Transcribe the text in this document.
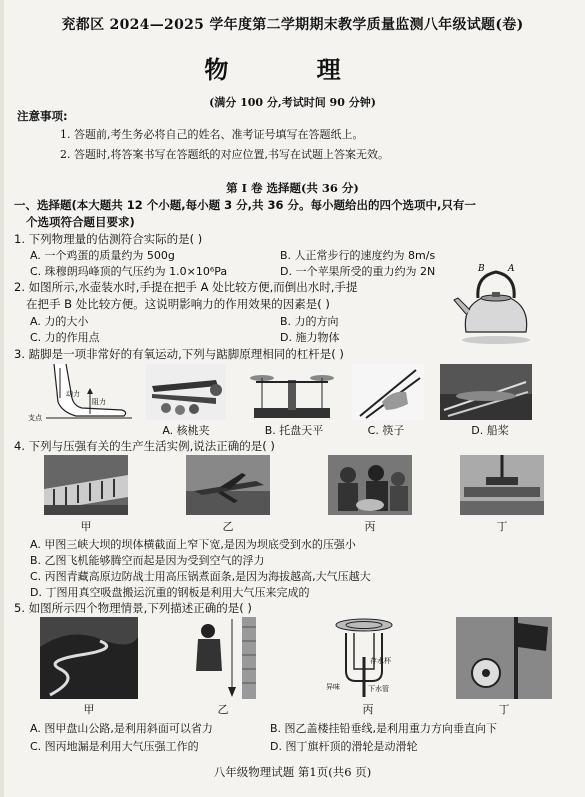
兖都区 2024—2025 学年度第二学期期末教学质量监测八年级试题(卷)
物 理
(满分 100 分,考试时间 90 分钟)
注意事项:
1. 答题前,考生务必将自己的姓名、准考证号填写在答题纸上。
2. 答题时,将答案书写在答题纸的对应位置,书写在试题上答案无效。
第 I 卷 选择题(共 36 分)
一、选择题(本大题共 12 个小题,每小题 3 分,共 36 分。每小题给出的四个选项中,只有一
个选项符合题目要求)
1. 下列物理量的估测符合实际的是( )
A. 一个鸡蛋的质量约为 500g	B. 人正常步行的速度约为 8m/s
C. 珠穆朗玛峰顶的气压约为 1.0×10⁶Pa	D. 一个苹果所受的重力约为 2N
2. 如图所示,水壶装水时,手提在把手 A 处比较方便,而倒出水时,手提
在把手 B 处比较方便。这说明影响力的作用效果的因素是( )
A. 力的大小	B. 力的方向
C. 力的作用点	D. 施力物体
B	A
3. 踮脚是一项非常好的有氧运动,下列与踮脚原理相同的杠杆是( )
阻力
支点
动力
A. 核桃夹	B. 托盘天平	C. 筷子	D. 船桨
4. 下列与压强有关的生产生活实例,说法正确的是( )
甲	乙	丙	丁
A. 甲图三峡大坝的坝体横截面上窄下宽,是因为坝底受到水的压强小
B. 乙图飞机能够腾空而起是因为受到空气的浮力
C. 丙图青藏高原边防战士用高压锅煮面条,是因为海拔越高,大气压越大
D. 丁图用真空吸盘搬运沉重的钢板是利用大气压来完成的
5. 如图所示四个物理情景,下列描述正确的是( )
甲	乙
存水杯
异味	下水管
丙	丁
A. 图甲盘山公路,是利用斜面可以省力	B. 图乙盖楼挂铅垂线,是利用重力方向垂直向下
C. 图丙地漏是利用大气压强工作的	D. 图丁旗杆顶的滑轮是动滑轮
八年级物理试题 第1页(共6 页)
